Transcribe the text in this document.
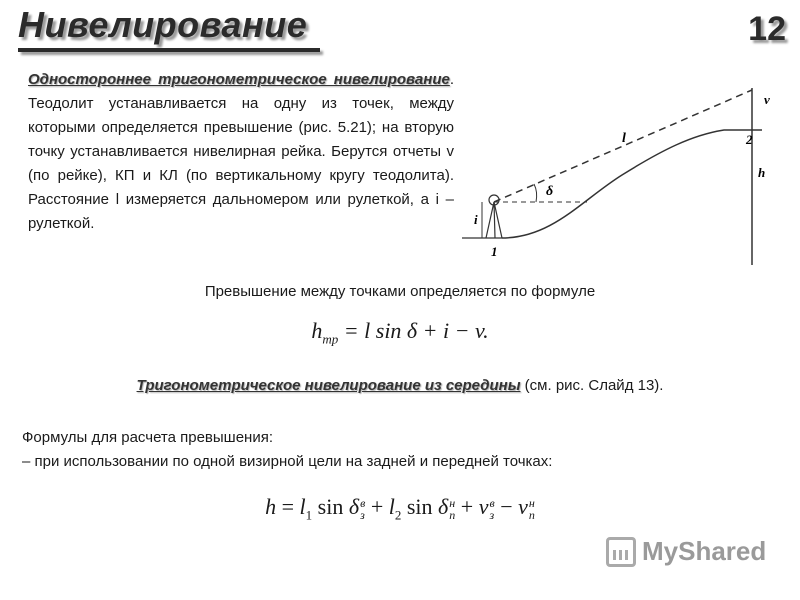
Нивелирование	12
Одностороннее тригонометрическое нивелирование. Теодолит устанавливается на одну из точек, между которыми определяется превышение (рис. 5.21); на вторую точку устанавливается нивелирная рейка. Берутся отчеты v (по рейке), КП и КЛ (по вертикальному кругу теодолита). Расстояние l измеряется дальномером или рулеткой, а i – рулеткой.
v
2
l
δ
h
i
1
Превышение между точками определяется по формуле
$h_{тр} = l$ sin δ + i − v.
Тригонометрическое нивелирование из середины (см. рис. Слайд 13).
Формулы для расчета превышения:
– при использовании по одной визирной цели на задней и передней точках:
$h = l_1$ sin δ в
$з + l_2$ sin δ н
п + v в
з − v н
п
MyShared
